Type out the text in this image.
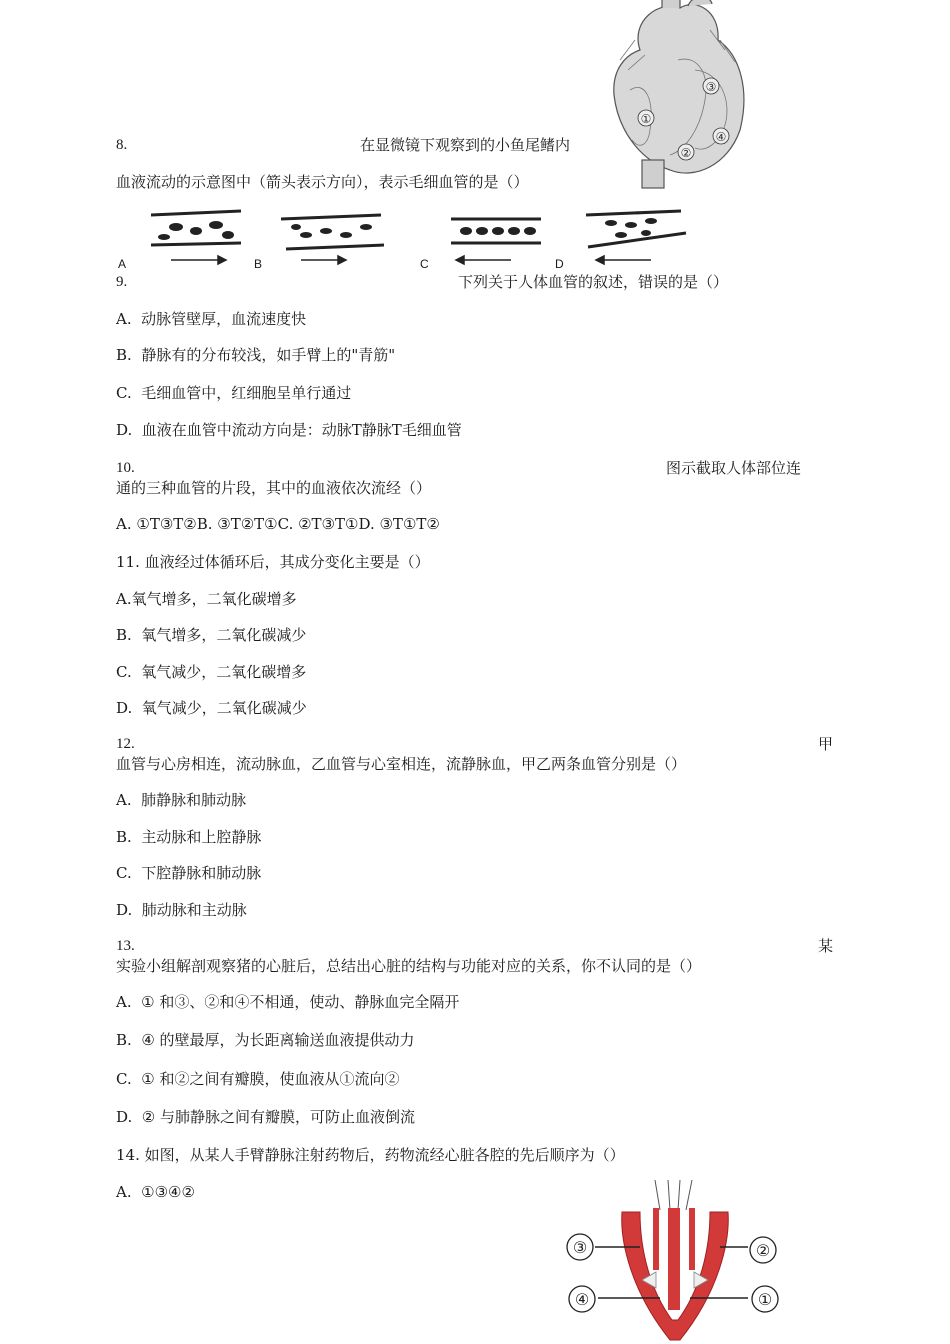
①
②
③
④
8.	在显微镜下观察到的小鱼尾鳍内
血液流动的示意图中（箭头表示方向），表示毛细血管的是（）
A	B	C	D
9.	下列关于人体血管的叙述，错误的是（）
A.  动脉管壁厚，血流速度快
B.  静脉有的分布较浅，如手臂上的"青筋"
C.  毛细血管中，红细胞呈单行通过
D.  血液在血管中流动方向是：动脉T静脉T毛细血管
10.	图示截取人体部位连
通的三种血管的片段，其中的血液依次流经（）
A. ①T③T②B. ③T②T①C. ②T③T①D. ③T①T②
11. 血液经过体循环后，其成分变化主要是（）
A.氧气增多，二氧化碳增多
B.  氧气增多，二氧化碳减少
C.  氧气减少，二氧化碳增多
D.  氧气减少，二氧化碳减少
12.	甲
血管与心房相连，流动脉血，乙血管与心室相连，流静脉血，甲乙两条血管分别是（）
A.  肺静脉和肺动脉
B.  主动脉和上腔静脉
C.  下腔静脉和肺动脉
D.  肺动脉和主动脉
13.	某
实验小组解剖观察猪的心脏后，总结出心脏的结构与功能对应的关系，你不认同的是（）
A.  ① 和③、②和④不相通，使动、静脉血完全隔开
B.  ④ 的壁最厚，为长距离输送血液提供动力
C.  ① 和②之间有瓣膜，使血液从①流向②
D.  ② 与肺静脉之间有瓣膜，可防止血液倒流
14. 如图，从某人手臂静脉注射药物后，药物流经心脏各腔的先后顺序为（）
A.  ①③④②
③	②
④	①
